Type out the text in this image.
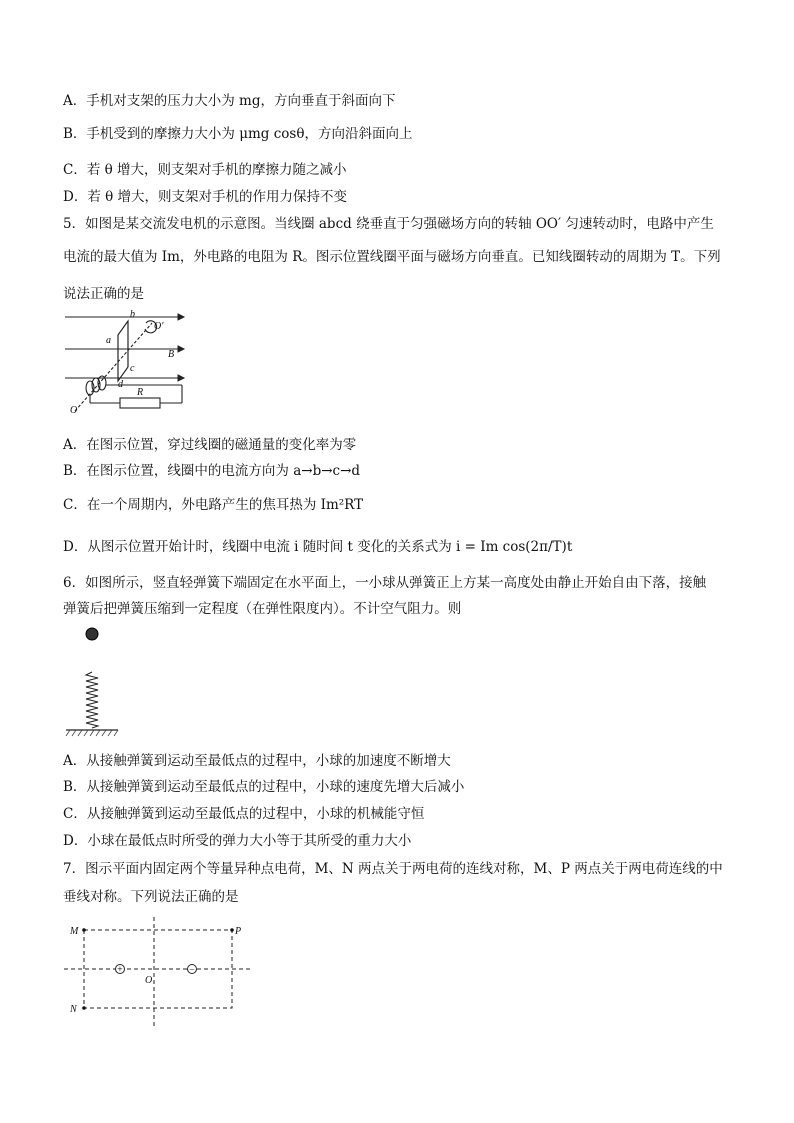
A．手机对支架的压力大小为 mg，方向垂直于斜面向下
B．手机受到的摩擦力大小为 μmg cosθ，方向沿斜面向上
C．若 θ 增大，则支架对手机的摩擦力随之减小
D．若 θ 增大，则支架对手机的作用力保持不变
5．如图是某交流发电机的示意图。当线圈 abcd 绕垂直于匀强磁场方向的转轴 OO′ 匀速转动时，电路中产生
电流的最大值为 Im，外电路的电阻为 R。图示位置线圈平面与磁场方向垂直。已知线圈转动的周期为 T。下列
说法正确的是
b
O′
a
B
c
d
O
R
A．在图示位置，穿过线圈的磁通量的变化率为零
B．在图示位置，线圈中的电流方向为 a→b→c→d
C．在一个周期内，外电路产生的焦耳热为 Im²RT
D．从图示位置开始计时，线圈中电流 i 随时间 t 变化的关系式为 i = Im cos(2π/T)t
6．如图所示，竖直轻弹簧下端固定在水平面上，一小球从弹簧正上方某一高度处由静止开始自由下落，接触
弹簧后把弹簧压缩到一定程度（在弹性限度内）。不计空气阻力。则
A．从接触弹簧到运动至最低点的过程中，小球的加速度不断增大
B．从接触弹簧到运动至最低点的过程中，小球的速度先增大后减小
C．从接触弹簧到运动至最低点的过程中，小球的机械能守恒
D．小球在最低点时所受的弹力大小等于其所受的重力大小
7．图示平面内固定两个等量异种点电荷，M、N 两点关于两电荷的连线对称，M、P 两点关于两电荷连线的中
垂线对称。下列说法正确的是
+	−
M	P
N
O
